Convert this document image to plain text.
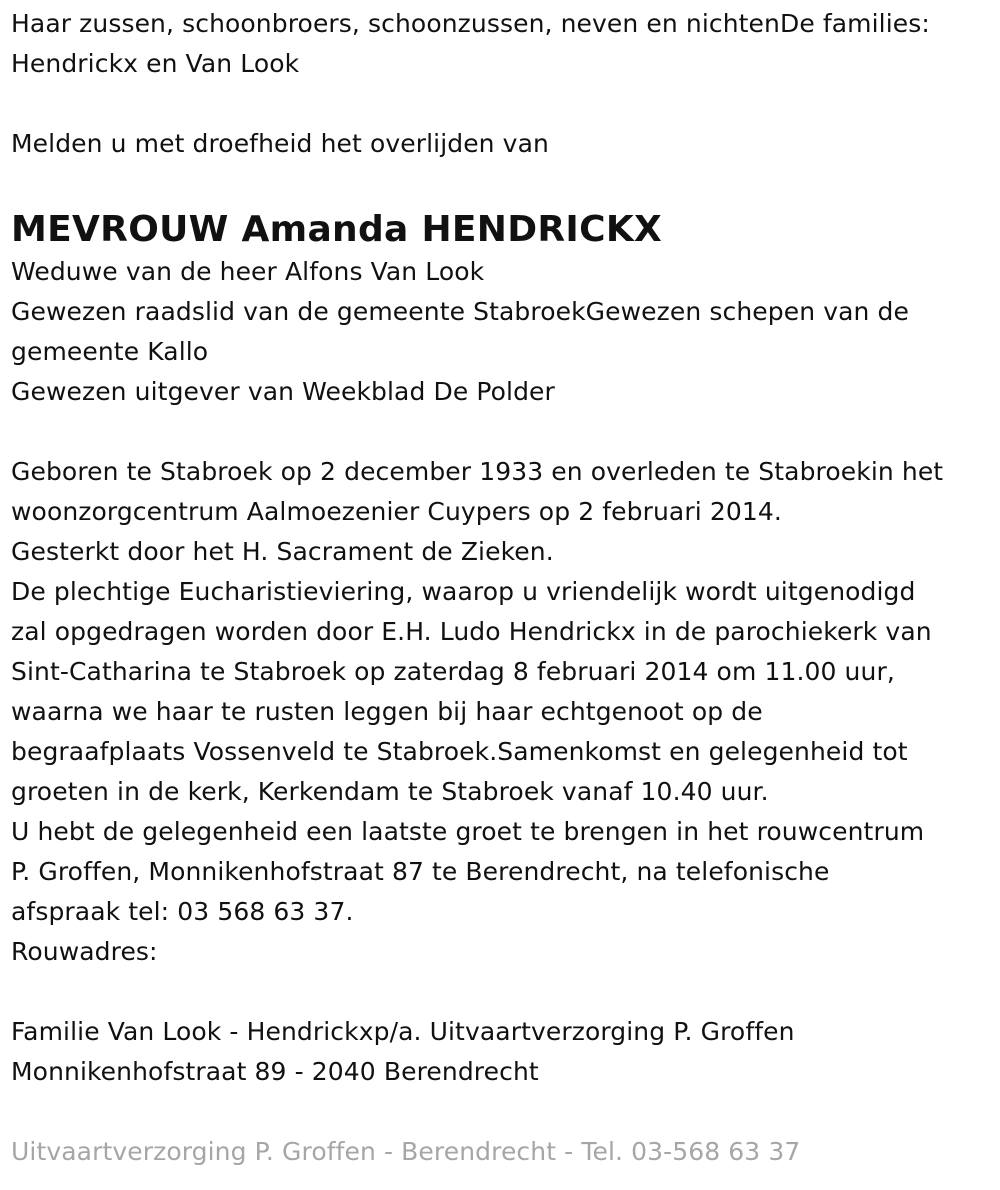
Haar zussen, schoonbroers, schoonzussen, neven en nichtenDe families:
Hendrickx en Van Look
Melden u met droefheid het overlijden van
MEVROUW Amanda HENDRICKX
Weduwe van de heer Alfons Van Look
Gewezen raadslid van de gemeente StabroekGewezen schepen van de
gemeente Kallo
Gewezen uitgever van Weekblad De Polder
Geboren te Stabroek op 2 december 1933 en overleden te Stabroekin het
woonzorgcentrum Aalmoezenier Cuypers op 2 februari 2014.
Gesterkt door het H. Sacrament de Zieken.
De plechtige Eucharistieviering, waarop u vriendelijk wordt uitgenodigd
zal opgedragen worden door E.H. Ludo Hendrickx in de parochiekerk van
Sint-Catharina te Stabroek op zaterdag 8 februari 2014 om 11.00 uur,
waarna we haar te rusten leggen bij haar echtgenoot op de
begraafplaats Vossenveld te Stabroek.Samenkomst en gelegenheid tot
groeten in de kerk, Kerkendam te Stabroek vanaf 10.40 uur.
U hebt de gelegenheid een laatste groet te brengen in het rouwcentrum
P. Groffen, Monnikenhofstraat 87 te Berendrecht, na telefonische
afspraak tel: 03 568 63 37.
Rouwadres:
Familie Van Look - Hendrickxp/a. Uitvaartverzorging P. Groffen
Monnikenhofstraat 89 - 2040 Berendrecht
Uitvaartverzorging P. Groffen - Berendrecht - Tel. 03-568 63 37
